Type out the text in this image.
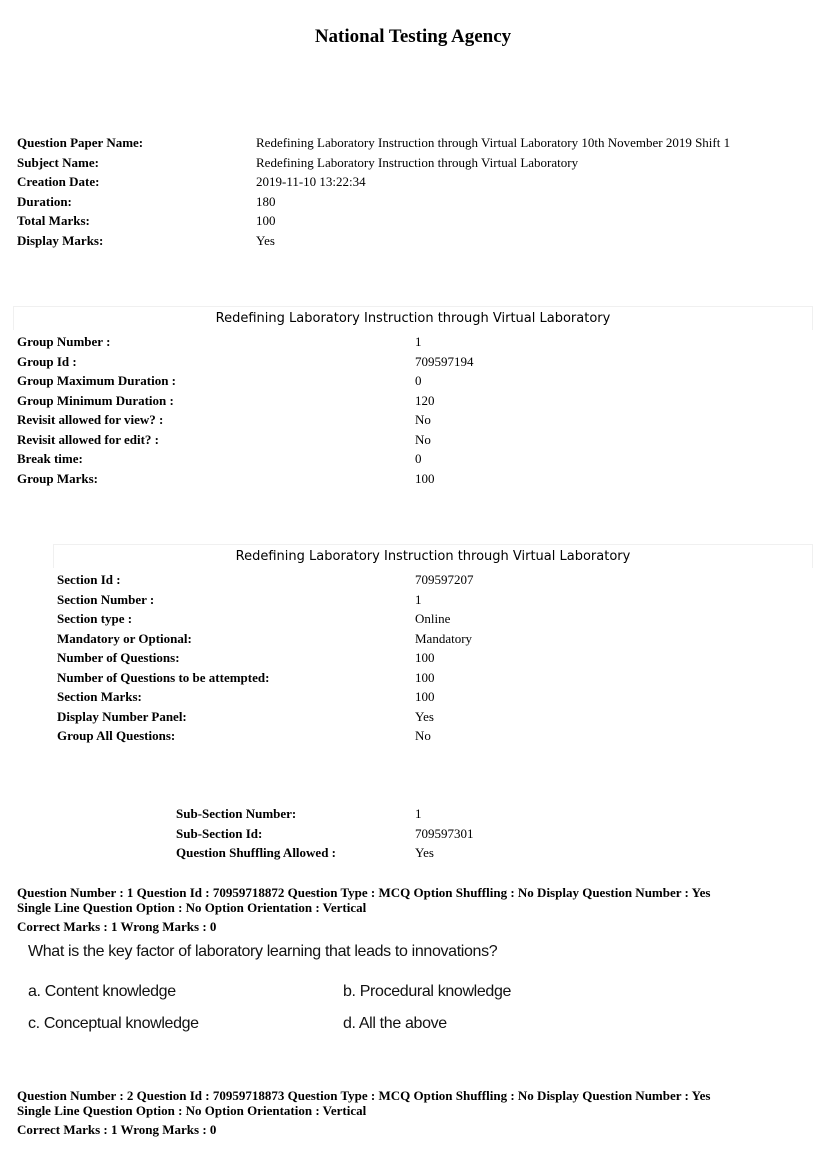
National Testing Agency
Question Paper Name:	Redefining Laboratory Instruction through Virtual Laboratory 10th November 2019 Shift 1
Subject Name:	Redefining Laboratory Instruction through Virtual Laboratory
Creation Date:	2019-11-10 13:22:34
Duration:	180
Total Marks:	100
Display Marks:	Yes
Redefining Laboratory Instruction through Virtual Laboratory
Group Number :	1
Group Id :	709597194
Group Maximum Duration :	0
Group Minimum Duration :	120
Revisit allowed for view? :	No
Revisit allowed for edit? :	No
Break time:	0
Group Marks:	100
Redefining Laboratory Instruction through Virtual Laboratory
Section Id :	709597207
Section Number :	1
Section type :	Online
Mandatory or Optional:	Mandatory
Number of Questions:	100
Number of Questions to be attempted:	100
Section Marks:	100
Display Number Panel:	Yes
Group All Questions:	No
Sub-Section Number:	1
Sub-Section Id:	709597301
Question Shuffling Allowed :	Yes
Question Number : 1 Question Id : 70959718872 Question Type : MCQ Option Shuffling : No Display Question Number : Yes
Single Line Question Option : No Option Orientation : Vertical
Correct Marks : 1 Wrong Marks : 0
What is the key factor of laboratory learning that leads to innovations?
a. Content knowledge	b. Procedural knowledge
c. Conceptual knowledge	d. All the above
Question Number : 2 Question Id : 70959718873 Question Type : MCQ Option Shuffling : No Display Question Number : Yes
Single Line Question Option : No Option Orientation : Vertical
Correct Marks : 1 Wrong Marks : 0
